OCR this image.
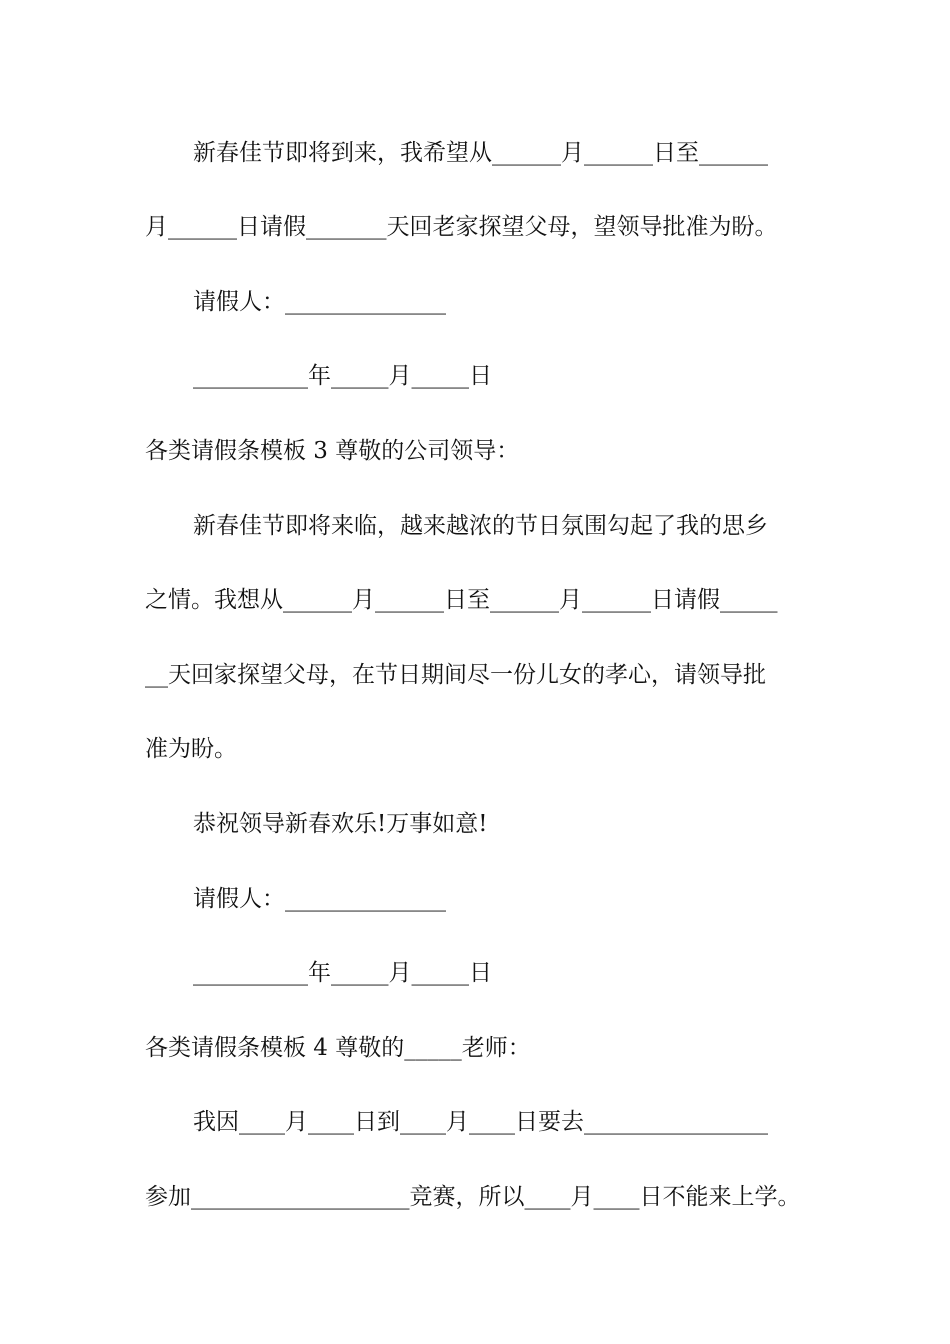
新春佳节即将到来，我希望从______月______日至______
月______日请假_______天回老家探望父母，望领导批准为盼。
请假人：______________
__________年_____月_____日
各类请假条模板 3 尊敬的公司领导：
新春佳节即将来临，越来越浓的节日氛围勾起了我的思乡
之情。我想从______月______日至______月______日请假_____
__天回家探望父母，在节日期间尽一份儿女的孝心，请领导批
准为盼。
恭祝领导新春欢乐!万事如意!
请假人：______________
__________年_____月_____日
各类请假条模板 4 尊敬的_____老师：
我因____月____日到____月____日要去________________
参加___________________竞赛，所以____月____日不能来上学。
